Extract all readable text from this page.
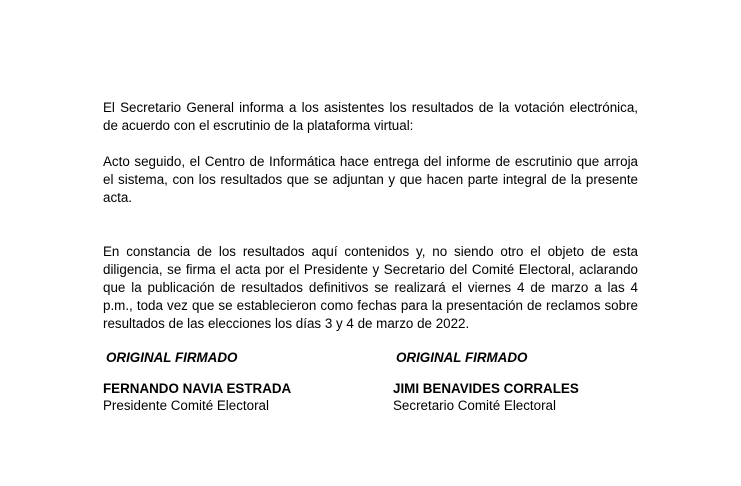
El Secretario General informa a los asistentes los resultados de la votación electrónica, de acuerdo con el escrutinio de la plataforma virtual:

Acto seguido, el Centro de Informática hace entrega del informe de escrutinio que arroja el sistema, con los resultados que se adjuntan y que hacen parte integral de la presente acta.

En constancia de los resultados aquí contenidos y, no siendo otro el objeto de esta diligencia, se firma el acta por el Presidente y Secretario del Comité Electoral, aclarando que la publicación de resultados definitivos se realizará el viernes 4 de marzo a las 4 p.m., toda vez que se establecieron como fechas para la presentación de reclamos sobre resultados de las elecciones los días 3 y 4 de marzo de 2022.

ORIGINAL FIRMADO
FERNANDO NAVIA ESTRADA
Presidente Comité Electoral
ORIGINAL FIRMADO
JIMI BENAVIDES CORRALES
Secretario Comité Electoral
